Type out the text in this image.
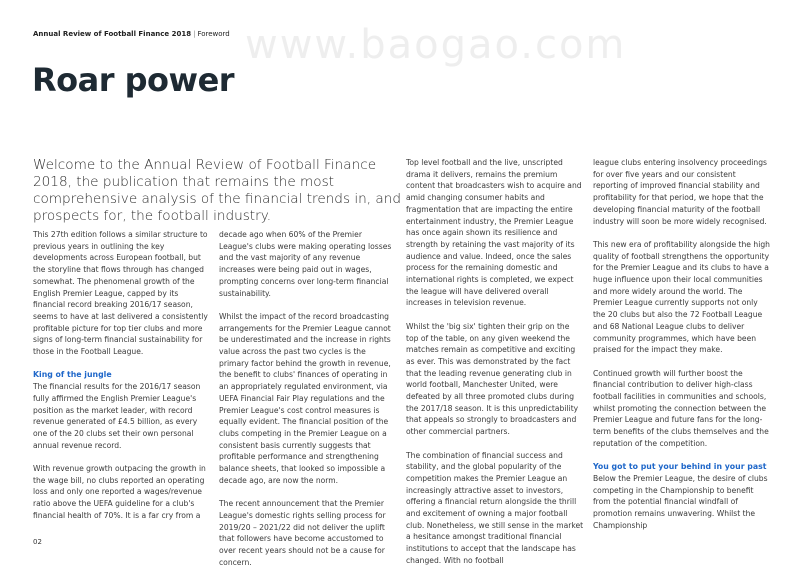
www.baogao.com
Annual Review of Football Finance 2018 | Foreword
Roar power

Welcome to the Annual Review of Football Finance 2018, the publication that remains the most comprehensive analysis of the financial trends in, and prospects for, the football industry.

This 27th edition follows a similar structure to previous years in outlining the key developments across European football, but the storyline that flows through has changed somewhat. The phenomenal growth of the English Premier League, capped by its financial record breaking 2016/17 season, seems to have at last delivered a consistently profitable picture for top tier clubs and more signs of long-term financial sustainability for those in the Football League.

King of the jungle

The financial results for the 2016/17 season fully affirmed the English Premier League's position as the market leader, with record revenue generated of £4.5 billion, as every one of the 20 clubs set their own personal annual revenue record.

With revenue growth outpacing the growth in the wage bill, no clubs reported an operating loss and only one reported a wages/revenue ratio above the UEFA guideline for a club's financial health of 70%. It is a far cry from a

decade ago when 60% of the Premier League's clubs were making operating losses and the vast majority of any revenue increases were being paid out in wages, prompting concerns over long-term financial sustainability.

Whilst the impact of the record broadcasting arrangements for the Premier League cannot be underestimated and the increase in rights value across the past two cycles is the primary factor behind the growth in revenue, the benefit to clubs' finances of operating in an appropriately regulated environment, via UEFA Financial Fair Play regulations and the Premier League's cost control measures is equally evident. The financial position of the clubs competing in the Premier League on a consistent basis currently suggests that profitable performance and strengthening balance sheets, that looked so impossible a decade ago, are now the norm.

The recent announcement that the Premier League's domestic rights selling process for 2019/20 – 2021/22 did not deliver the uplift that followers have become accustomed to over recent years should not be a cause for concern.

Top level football and the live, unscripted drama it delivers, remains the premium content that broadcasters wish to acquire and amid changing consumer habits and fragmentation that are impacting the entire entertainment industry, the Premier League has once again shown its resilience and strength by retaining the vast majority of its audience and value. Indeed, once the sales process for the remaining domestic and international rights is completed, we expect the league will have delivered overall increases in television revenue.

Whilst the 'big six' tighten their grip on the top of the table, on any given weekend the matches remain as competitive and exciting as ever. This was demonstrated by the fact that the leading revenue generating club in world football, Manchester United, were defeated by all three promoted clubs during the 2017/18 season. It is this unpredictability that appeals so strongly to broadcasters and other commercial partners.

The combination of financial success and stability, and the global popularity of the competition makes the Premier League an increasingly attractive asset to investors, offering a financial return alongside the thrill and excitement of owning a major football club. Nonetheless, we still sense in the market a hesitance amongst traditional financial institutions to accept that the landscape has changed. With no football

league clubs entering insolvency proceedings for over five years and our consistent reporting of improved financial stability and profitability for that period, we hope that the developing financial maturity of the football industry will soon be more widely recognised.

This new era of profitability alongside the high quality of football strengthens the opportunity for the Premier League and its clubs to have a huge influence upon their local communities and more widely around the world. The Premier League currently supports not only the 20 clubs but also the 72 Football League and 68 National League clubs to deliver community programmes, which have been praised for the impact they make.

Continued growth will further boost the financial contribution to deliver high-class football facilities in communities and schools, whilst promoting the connection between the Premier League and future fans for the long-term benefits of the clubs themselves and the reputation of the competition.

You got to put your behind in your past

Below the Premier League, the desire of clubs competing in the Championship to benefit from the potential financial windfall of promotion remains unwavering. Whilst the Championship

02
